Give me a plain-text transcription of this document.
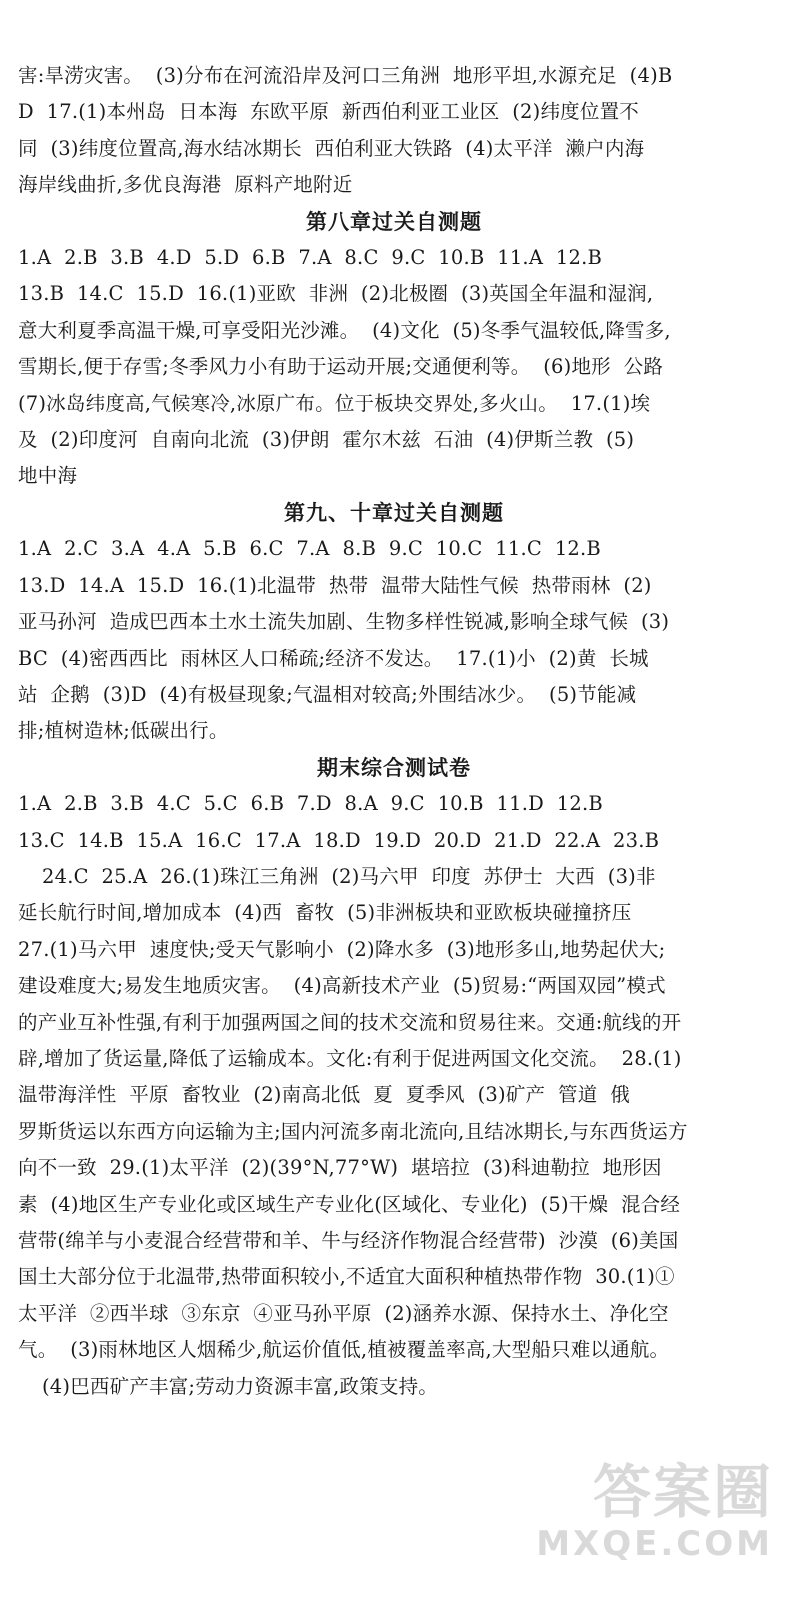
害:旱涝灾害。  (3)分布在河流沿岸及河口三角洲  地形平坦,水源充足  (4)B

D  17.(1)本州岛  日本海  东欧平原  新西伯利亚工业区  (2)纬度位置不

同  (3)纬度位置高,海水结冰期长  西伯利亚大铁路  (4)太平洋  濑户内海

海岸线曲折,多优良海港  原料产地附近

第八章过关自测题

1.A  2.B  3.B  4.D  5.D  6.B  7.A  8.C  9.C  10.B  11.A  12.B

13.B  14.C  15.D  16.(1)亚欧  非洲  (2)北极圈  (3)英国全年温和湿润,

意大利夏季高温干燥,可享受阳光沙滩。  (4)文化  (5)冬季气温较低,降雪多,

雪期长,便于存雪;冬季风力小有助于运动开展;交通便利等。  (6)地形  公路

(7)冰岛纬度高,气候寒冷,冰原广布。位于板块交界处,多火山。  17.(1)埃

及  (2)印度河  自南向北流  (3)伊朗  霍尔木兹  石油  (4)伊斯兰教  (5)

地中海

第九、十章过关自测题

1.A  2.C  3.A  4.A  5.B  6.C  7.A  8.B  9.C  10.C  11.C  12.B

13.D  14.A  15.D  16.(1)北温带  热带  温带大陆性气候  热带雨林  (2)

亚马孙河  造成巴西本土水土流失加剧、生物多样性锐减,影响全球气候  (3)

BC  (4)密西西比  雨林区人口稀疏;经济不发达。  17.(1)小  (2)黄  长城

站  企鹅  (3)D  (4)有极昼现象;气温相对较高;外围结冰少。  (5)节能减

排;植树造林;低碳出行。

期末综合测试卷

1.A  2.B  3.B  4.C  5.C  6.B  7.D  8.A  9.C  10.B  11.D  12.B

13.C  14.B  15.A  16.C  17.A  18.D  19.D  20.D  21.D  22.A  23.B

24.C  25.A  26.(1)珠江三角洲  (2)马六甲  印度  苏伊士  大西  (3)非

延长航行时间,增加成本  (4)西  畜牧  (5)非洲板块和亚欧板块碰撞挤压

27.(1)马六甲  速度快;受天气影响小  (2)降水多  (3)地形多山,地势起伏大;

建设难度大;易发生地质灾害。  (4)高新技术产业  (5)贸易:“两国双园”模式

的产业互补性强,有利于加强两国之间的技术交流和贸易往来。交通:航线的开

辟,增加了货运量,降低了运输成本。文化:有利于促进两国文化交流。  28.(1)

温带海洋性  平原  畜牧业  (2)南高北低  夏  夏季风  (3)矿产  管道  俄

罗斯货运以东西方向运输为主;国内河流多南北流向,且结冰期长,与东西货运方

向不一致  29.(1)太平洋  (2)(39°N,77°W)  堪培拉  (3)科迪勒拉  地形因

素  (4)地区生产专业化或区域生产专业化(区域化、专业化)  (5)干燥  混合经

营带(绵羊与小麦混合经营带和羊、牛与经济作物混合经营带)  沙漠  (6)美国

国土大部分位于北温带,热带面积较小,不适宜大面积种植热带作物  30.(1)①

太平洋  ②西半球  ③东京  ④亚马孙平原  (2)涵养水源、保持水土、净化空

气。  (3)雨林地区人烟稀少,航运价值低,植被覆盖率高,大型船只难以通航。

(4)巴西矿产丰富;劳动力资源丰富,政策支持。

答案圈
MXQE.COM
